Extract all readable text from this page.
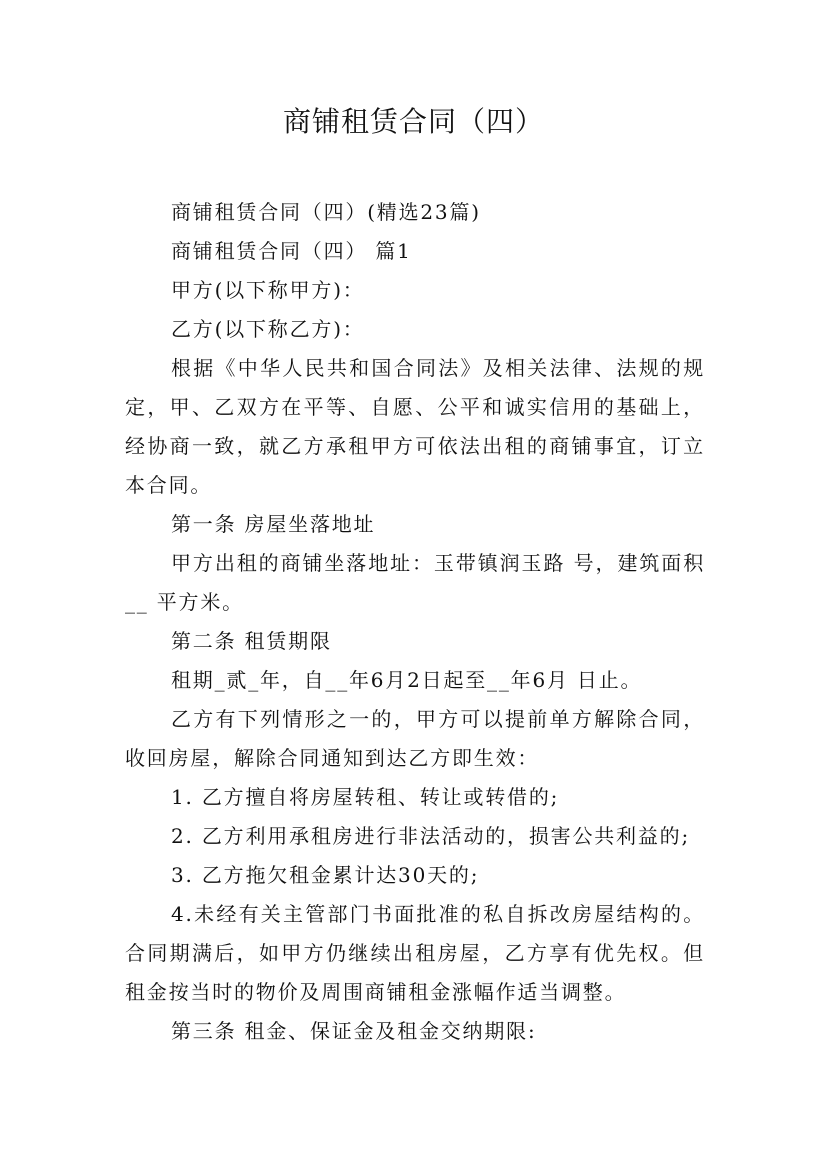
商铺租赁合同（四）

商铺租赁合同（四）(精选23篇)

商铺租赁合同（四） 篇1

甲方(以下称甲方)：

乙方(以下称乙方)：

根据《中华人民共和国合同法》及相关法律、法规的规定，甲、乙双方在平等、自愿、公平和诚实信用的基础上，经协商一致，就乙方承租甲方可依法出租的商铺事宜，订立本合同。

第一条 房屋坐落地址

甲方出租的商铺坐落地址：玉带镇润玉路 号，建筑面积__ 平方米。

第二条 租赁期限

租期_贰_年，自__年6月2日起至__年6月 日止。

乙方有下列情形之一的，甲方可以提前单方解除合同，收回房屋，解除合同通知到达乙方即生效：

1. 乙方擅自将房屋转租、转让或转借的;

2. 乙方利用承租房进行非法活动的，损害公共利益的;

3. 乙方拖欠租金累计达30天的;

4.未经有关主管部门书面批准的私自拆改房屋结构的。合同期满后，如甲方仍继续出租房屋，乙方享有优先权。但租金按当时的物价及周围商铺租金涨幅作适当调整。

第三条 租金、保证金及租金交纳期限:
